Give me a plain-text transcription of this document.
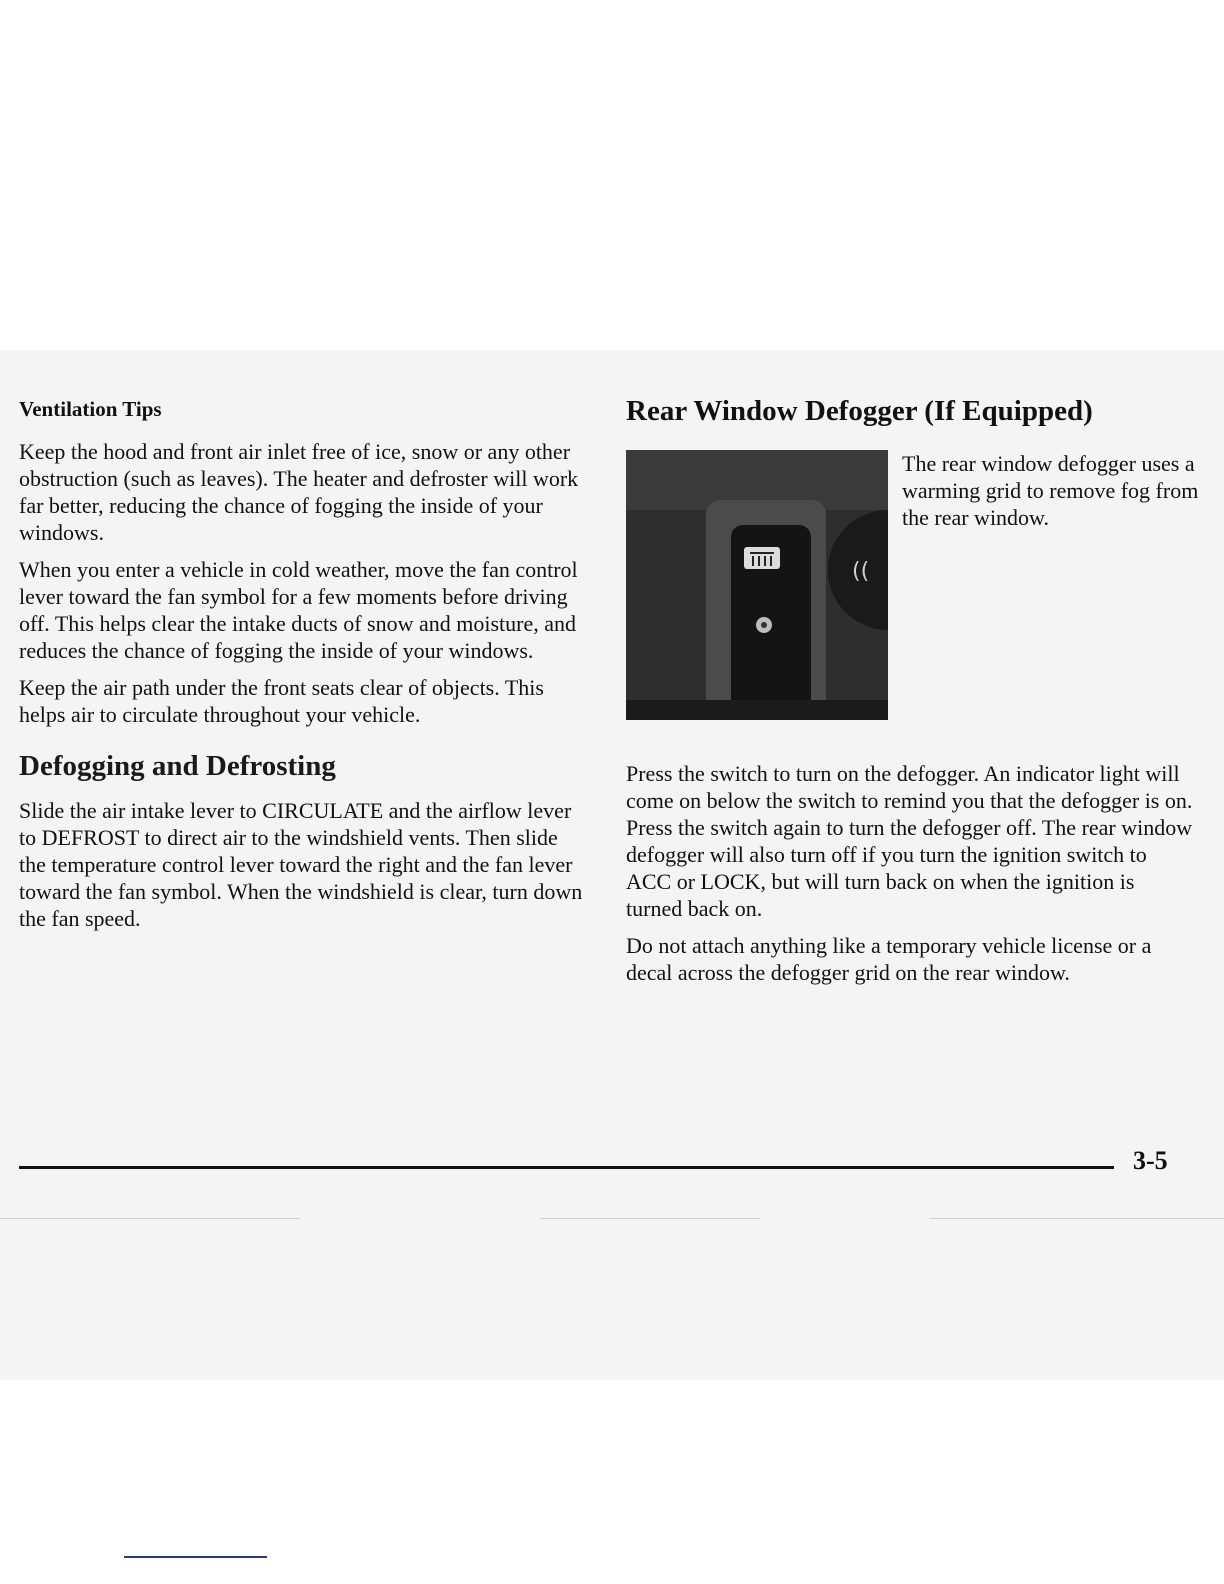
Ventilation Tips

Keep the hood and front air inlet free of ice, snow or any other obstruction (such as leaves). The heater and defroster will work far better, reducing the chance of fogging the inside of your windows.

When you enter a vehicle in cold weather, move the fan control lever toward the fan symbol for a few moments before driving off. This helps clear the intake ducts of snow and moisture, and reduces the chance of fogging the inside of your windows.

Keep the air path under the front seats clear of objects. This helps air to circulate throughout your vehicle.

Defogging and Defrosting

Slide the air intake lever to CIRCULATE and the airflow lever to DEFROST to direct air to the windshield vents. Then slide the temperature control lever toward the right and the fan lever toward the fan symbol. When the windshield is clear, turn down the fan speed.

Rear Window Defogger (If Equipped)
((

The rear window defogger uses a warming grid to remove fog from the rear window.

Press the switch to turn on the defogger. An indicator light will come on below the switch to remind you that the defogger is on. Press the switch again to turn the defogger off. The rear window defogger will also turn off if you turn the ignition switch to ACC or LOCK, but will turn back on when the ignition is turned back on.

Do not attach anything like a temporary vehicle license or a decal across the defogger grid on the rear window.

3-5
